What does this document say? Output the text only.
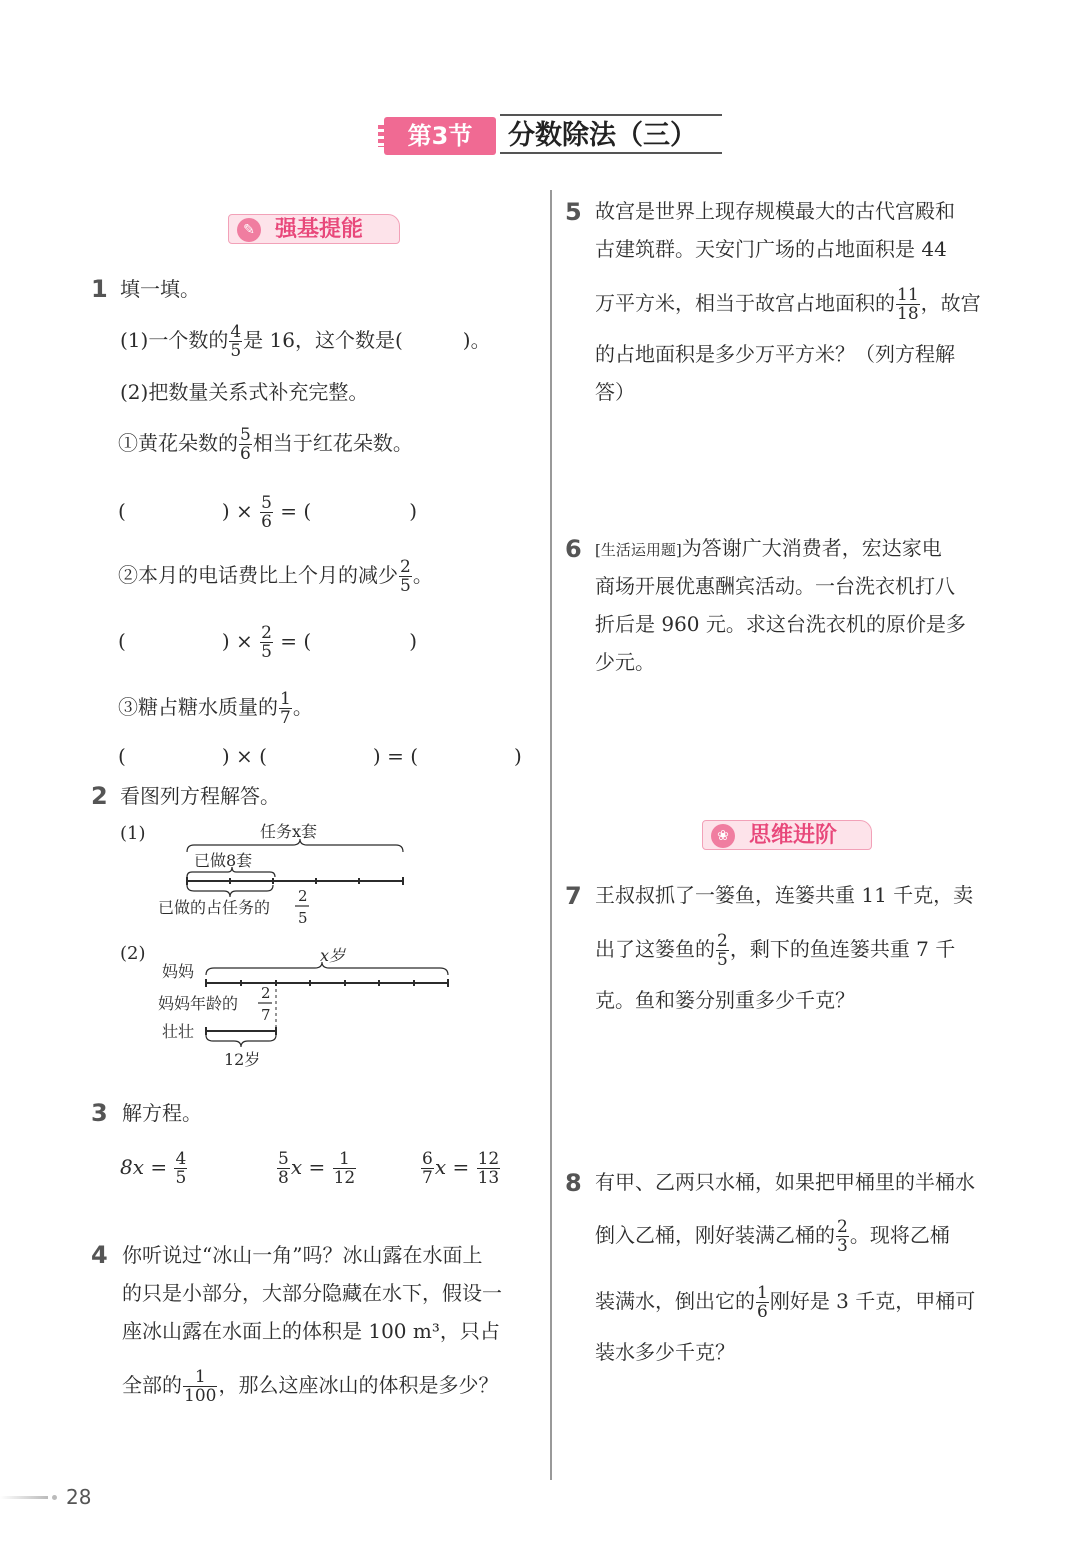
第3节	分数除法（三）
✎ 强基提能
1 填一填。
(1)一个数的 $\frac{4}{5}$ 是 16，这个数是(　　　)。
(2)把数量关系式补充完整。
①黄花朵数的 $\frac{5}{6}$ 相当于红花朵数。
(	) × $\frac{5}{6}$ = (	)
②本月的电话费比上个月的减少 $\frac{2}{5}$ 。
(	) × $\frac{2}{5}$ = (	)
③糖占糖水质量的 $\frac{1}{7}$ 。
(	) × (	) = (	)
2 看图列方程解答。
(1)	任务x套
已做8套
已做的占任务的
2
5
(2)	x岁
妈妈
妈妈年龄的
2
7
壮壮
12岁
3 解方程。
$8x = \frac{4}{5}$	$\frac{5}{8}$ $x = \frac{1}{12}$	$\frac{6}{7}$ $x = \frac{12}{13}$
4 你听说过“冰山一角”吗？冰山露在水面上
的只是小部分，大部分隐藏在水下，假设一
座冰山露在水面上的体积是 100 m³，只占
全部的 $\frac{1}{100}$ ，那么这座冰山的体积是多少？
5 故宫是世界上现存规模最大的古代宫殿和
古建筑群。天安门广场的占地面积是 44
万平方米，相当于故宫占地面积的 $\frac{11}{18}$ ，故宫
的占地面积是多少万平方米？（列方程解
答）
6 [生活运用题]为答谢广大消费者，宏达家电
商场开展优惠酬宾活动。一台洗衣机打八
折后是 960 元。求这台洗衣机的原价是多
少元。
❀ 思维进阶
7 王叔叔抓了一篓鱼，连篓共重 11 千克，卖
出了这篓鱼的 $\frac{2}{5}$ ，剩下的鱼连篓共重 7 千
克。鱼和篓分别重多少千克？
8 有甲、乙两只水桶，如果把甲桶里的半桶水
倒入乙桶，刚好装满乙桶的 $\frac{2}{3}$ 。现将乙桶
装满水，倒出它的 $\frac{1}{6}$ 刚好是 3 千克，甲桶可
装水多少千克？
28
